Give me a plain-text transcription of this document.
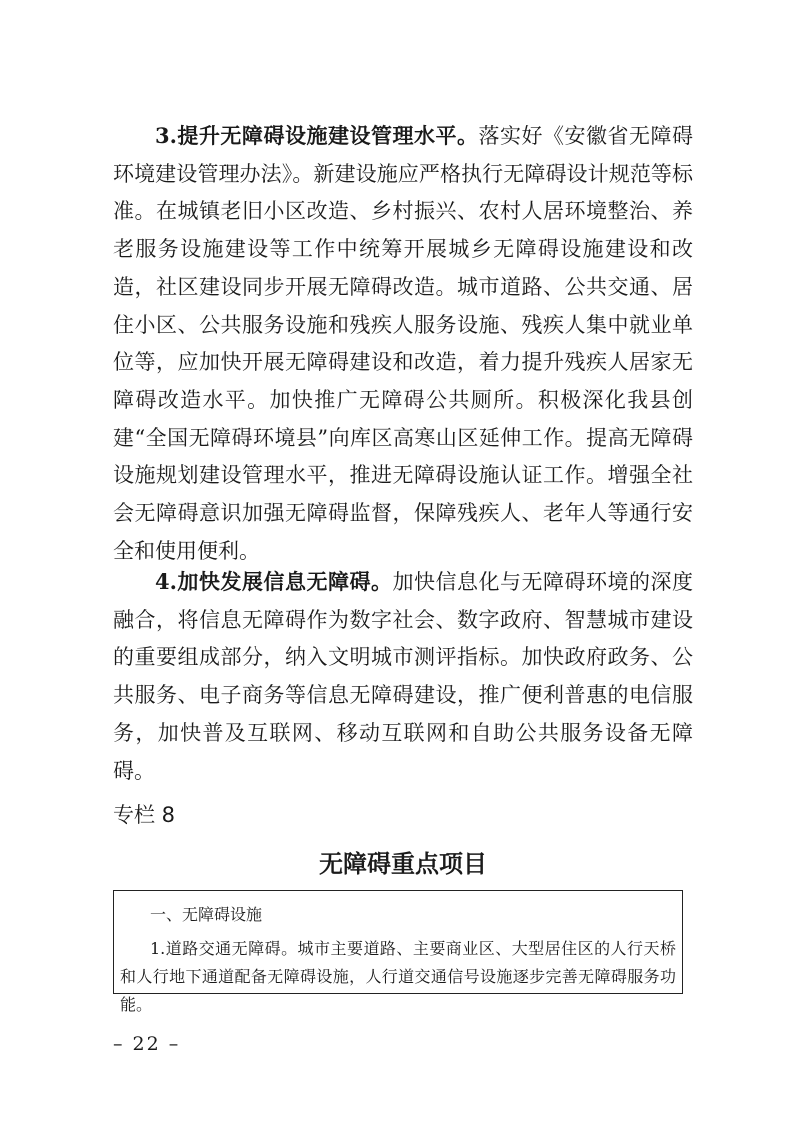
3.提升无障碍设施建设管理水平。落实好《安徽省无障碍环境建设管理办法》。新建设施应严格执行无障碍设计规范等标准。在城镇老旧小区改造、乡村振兴、农村人居环境整治、养老服务设施建设等工作中统筹开展城乡无障碍设施建设和改造，社区建设同步开展无障碍改造。城市道路、公共交通、居住小区、公共服务设施和残疾人服务设施、残疾人集中就业单位等，应加快开展无障碍建设和改造，着力提升残疾人居家无障碍改造水平。加快推广无障碍公共厕所。积极深化我县创建“全国无障碍环境县”向库区高寒山区延伸工作。提高无障碍设施规划建设管理水平，推进无障碍设施认证工作。增强全社会无障碍意识加强无障碍监督，保障残疾人、老年人等通行安全和使用便利。

4.加快发展信息无障碍。加快信息化与无障碍环境的深度融合，将信息无障碍作为数字社会、数字政府、智慧城市建设的重要组成部分，纳入文明城市测评指标。加快政府政务、公共服务、电子商务等信息无障碍建设，推广便利普惠的电信服务，加快普及互联网、移动互联网和自助公共服务设备无障碍。

专栏 8
无障碍重点项目
一、无障碍设施

1.道路交通无障碍。城市主要道路、主要商业区、大型居住区的人行天桥和人行地下通道配备无障碍设施，人行道交通信号设施逐步完善无障碍服务功能。

– 22 –
